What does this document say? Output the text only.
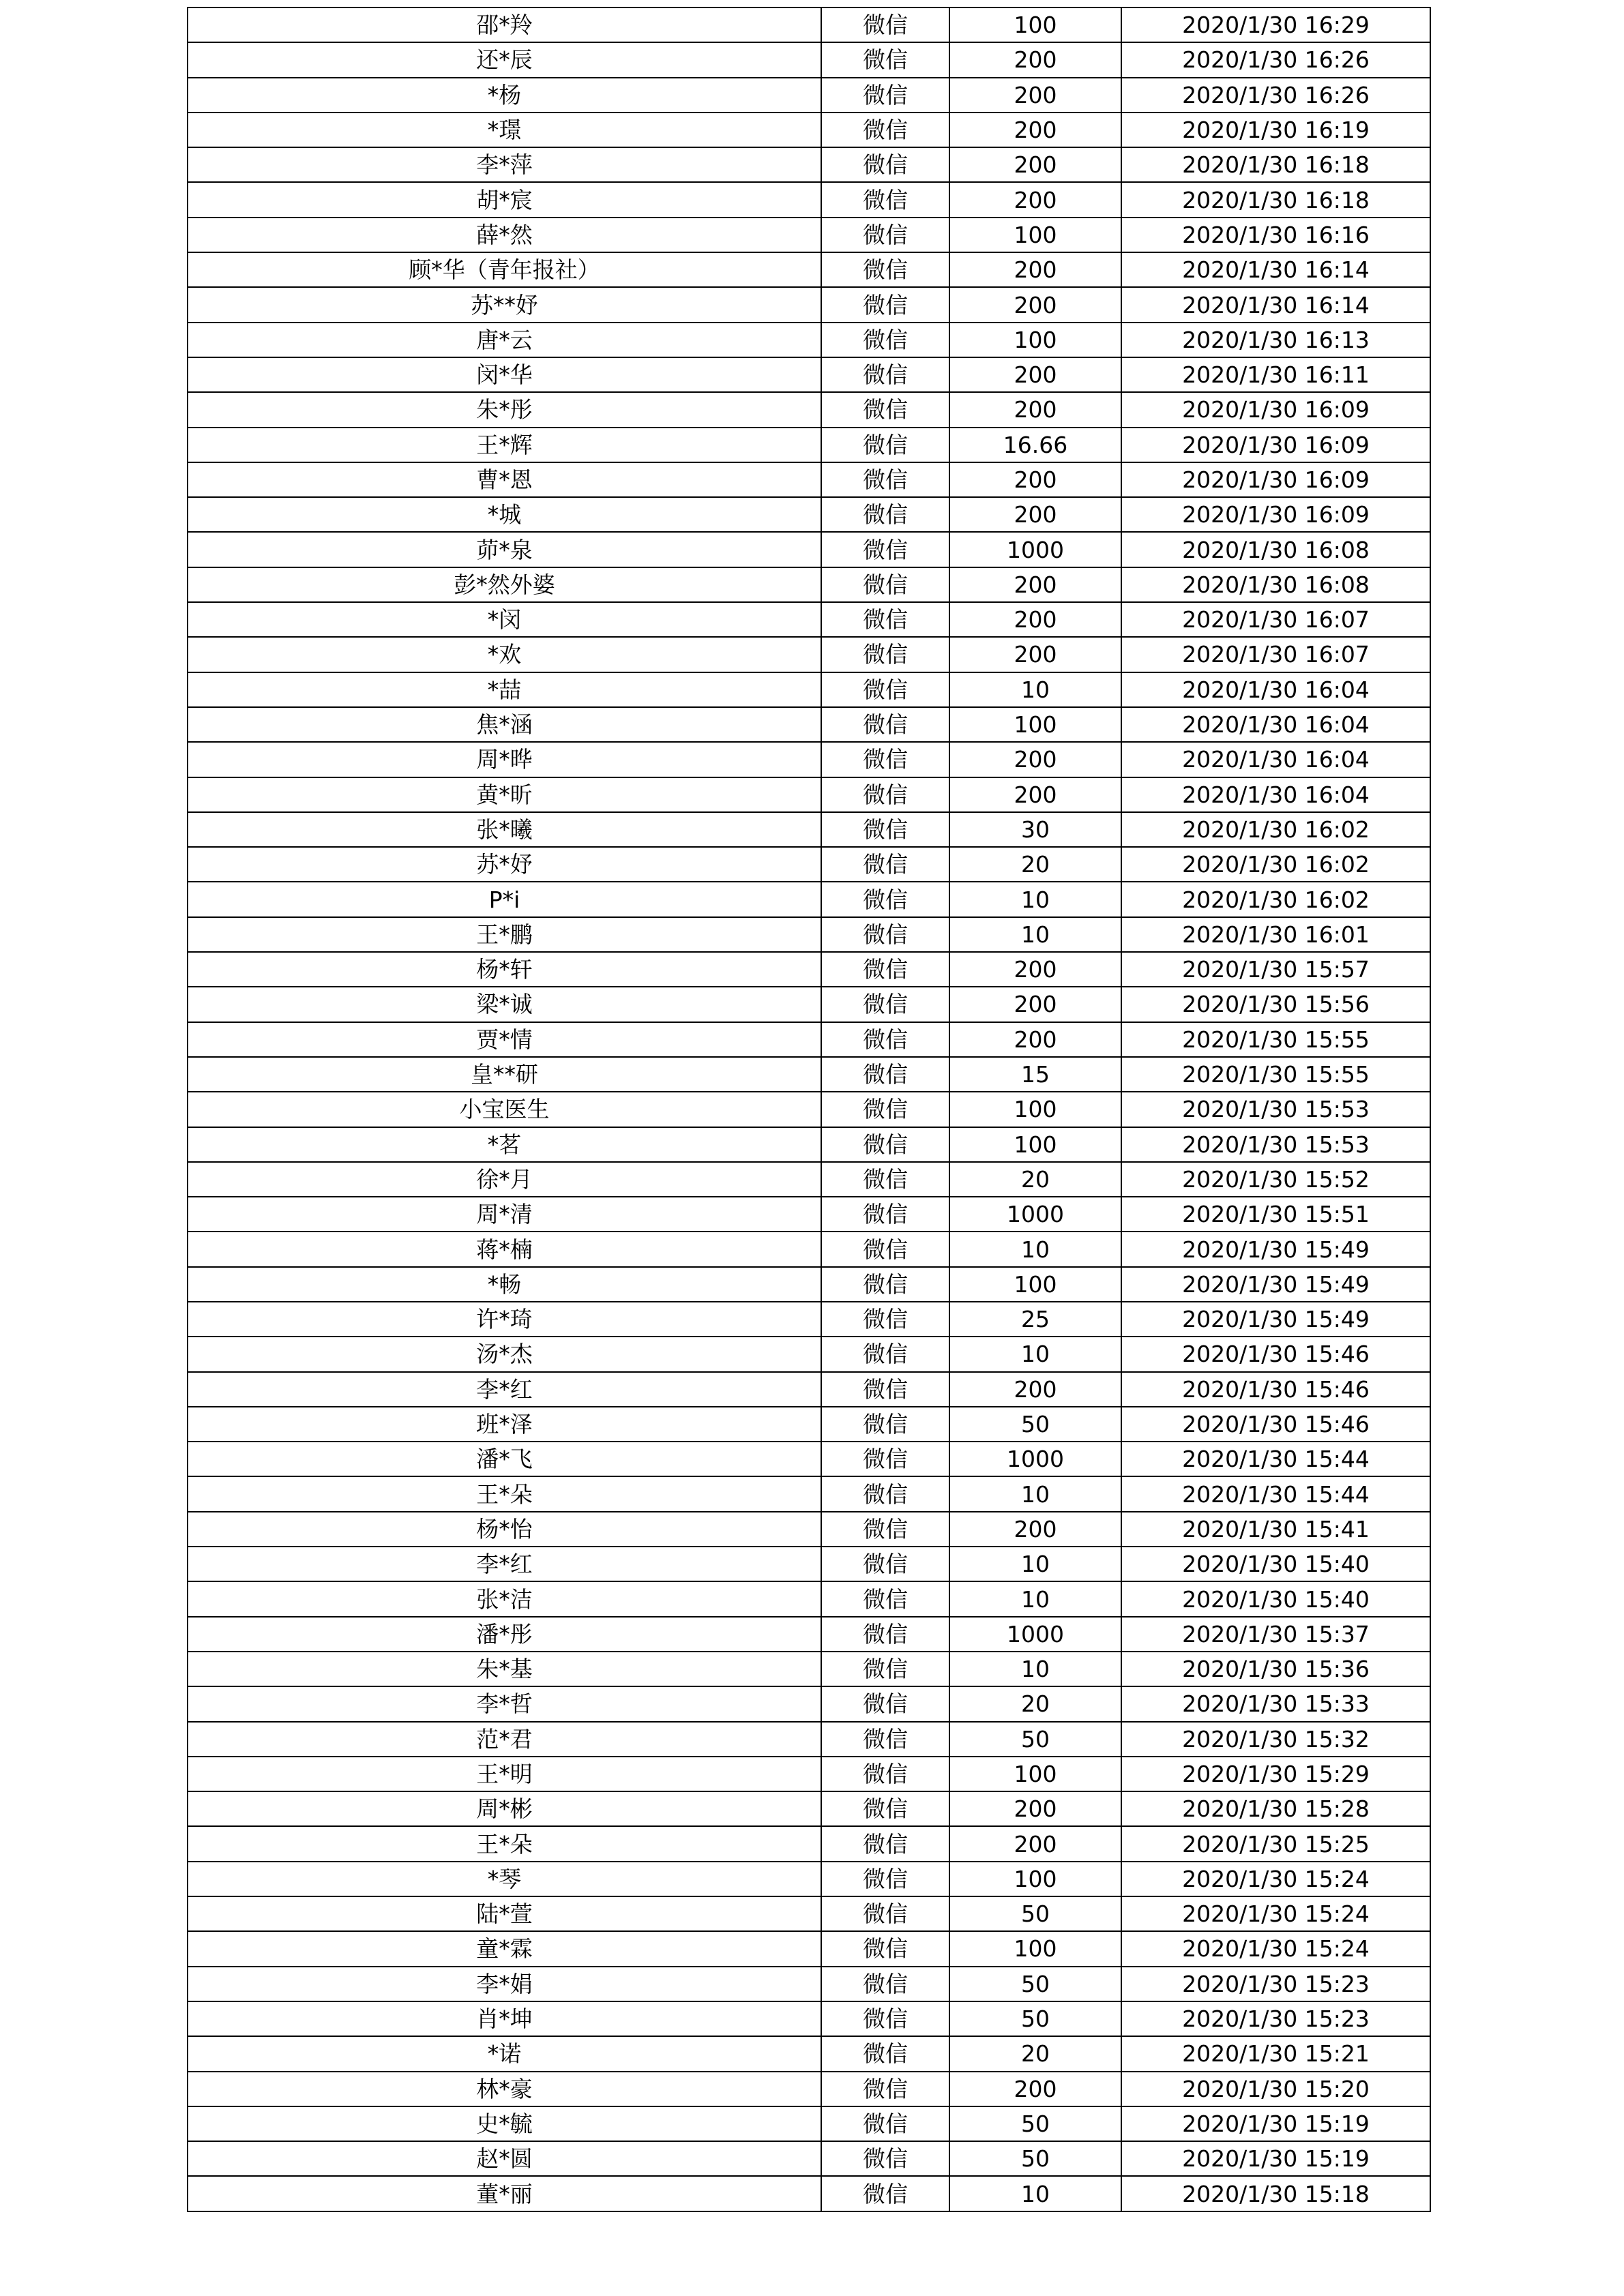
邵*羚	微信	100	2020/1/30 16:29
还*辰	微信	200	2020/1/30 16:26
*杨	微信	200	2020/1/30 16:26
*璟	微信	200	2020/1/30 16:19
李*萍	微信	200	2020/1/30 16:18
胡*宸	微信	200	2020/1/30 16:18
薛*然	微信	100	2020/1/30 16:16
顾*华（青年报社）	微信	200	2020/1/30 16:14
苏**妤	微信	200	2020/1/30 16:14
唐*云	微信	100	2020/1/30 16:13
闵*华	微信	200	2020/1/30 16:11
朱*彤	微信	200	2020/1/30 16:09
王*辉	微信	16.66	2020/1/30 16:09
曹*恩	微信	200	2020/1/30 16:09
*城	微信	200	2020/1/30 16:09
茆*泉	微信	1000	2020/1/30 16:08
彭*然外婆	微信	200	2020/1/30 16:08
*闵	微信	200	2020/1/30 16:07
*欢	微信	200	2020/1/30 16:07
*喆	微信	10	2020/1/30 16:04
焦*涵	微信	100	2020/1/30 16:04
周*晔	微信	200	2020/1/30 16:04
黄*昕	微信	200	2020/1/30 16:04
张*曦	微信	30	2020/1/30 16:02
苏*妤	微信	20	2020/1/30 16:02
P*i	微信	10	2020/1/30 16:02
王*鹏	微信	10	2020/1/30 16:01
杨*轩	微信	200	2020/1/30 15:57
梁*诚	微信	200	2020/1/30 15:56
贾*情	微信	200	2020/1/30 15:55
皇**研	微信	15	2020/1/30 15:55
小宝医生	微信	100	2020/1/30 15:53
*茗	微信	100	2020/1/30 15:53
徐*月	微信	20	2020/1/30 15:52
周*清	微信	1000	2020/1/30 15:51
蒋*楠	微信	10	2020/1/30 15:49
*畅	微信	100	2020/1/30 15:49
许*琦	微信	25	2020/1/30 15:49
汤*杰	微信	10	2020/1/30 15:46
李*红	微信	200	2020/1/30 15:46
班*泽	微信	50	2020/1/30 15:46
潘*飞	微信	1000	2020/1/30 15:44
王*朵	微信	10	2020/1/30 15:44
杨*怡	微信	200	2020/1/30 15:41
李*红	微信	10	2020/1/30 15:40
张*洁	微信	10	2020/1/30 15:40
潘*彤	微信	1000	2020/1/30 15:37
朱*基	微信	10	2020/1/30 15:36
李*哲	微信	20	2020/1/30 15:33
范*君	微信	50	2020/1/30 15:32
王*明	微信	100	2020/1/30 15:29
周*彬	微信	200	2020/1/30 15:28
王*朵	微信	200	2020/1/30 15:25
*琴	微信	100	2020/1/30 15:24
陆*萱	微信	50	2020/1/30 15:24
童*霖	微信	100	2020/1/30 15:24
李*娟	微信	50	2020/1/30 15:23
肖*坤	微信	50	2020/1/30 15:23
*诺	微信	20	2020/1/30 15:21
林*豪	微信	200	2020/1/30 15:20
史*毓	微信	50	2020/1/30 15:19
赵*圆	微信	50	2020/1/30 15:19
董*丽	微信	10	2020/1/30 15:18
